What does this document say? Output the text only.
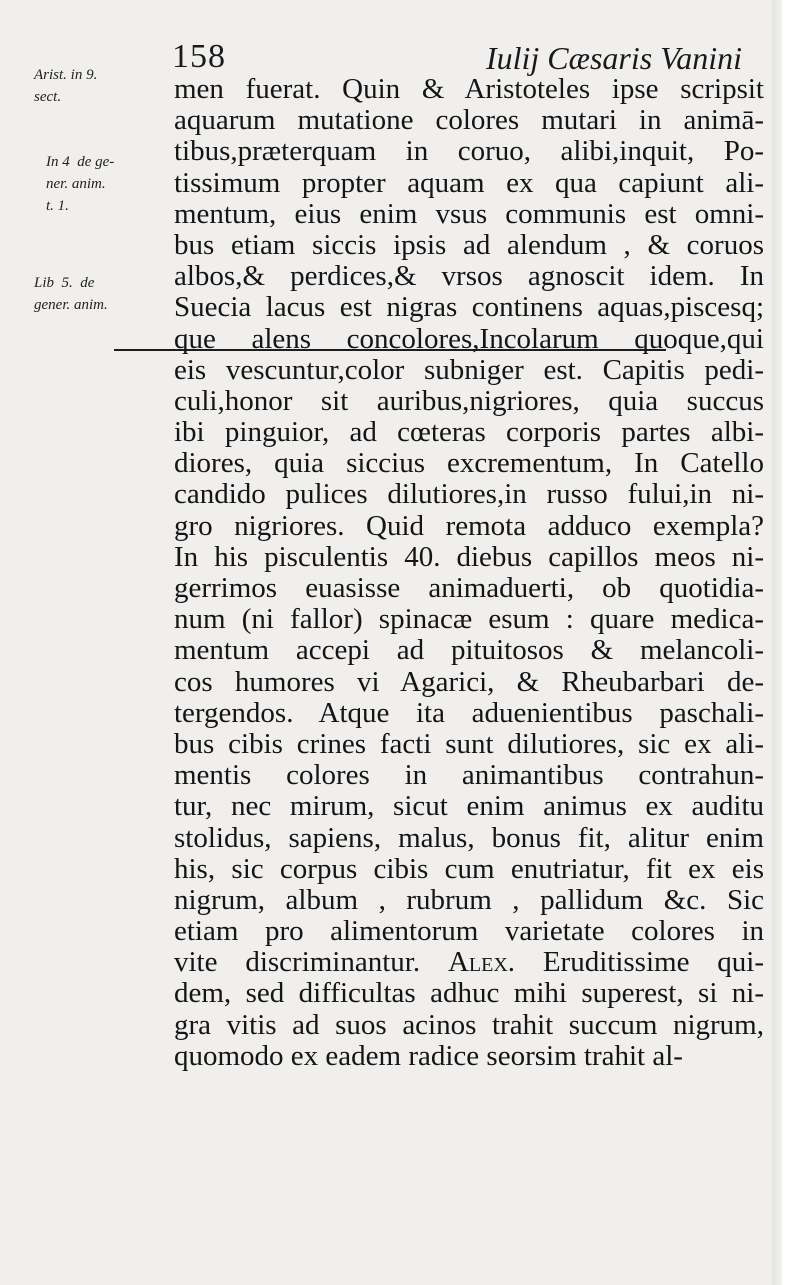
158	Iulij Cæsaris Vanini
Arist. in 9.
sect.
In 4  de ge-
ner. anim.
t. 1.
Lib  5.  de
gener. anim.
men fuerat. Quin & Aristoteles ipse scripsit
aquarum mutatione colores mutari in animā-
tibus,præterquam in coruo, alibi,inquit, Po-
tissimum propter aquam ex qua capiunt ali-
mentum, eius enim vsus communis est omni-
bus etiam siccis ipsis ad alendum , & coruos
albos,& perdices,& vrsos agnoscit idem. In
Suecia lacus est nigras continens aquas,piscesq;
que alens concolores,Incolarum quoque,qui
eis vescuntur,color subniger est. Capitis pedi-
culi,honor sit auribus,nigriores, quia succus
ibi pinguior, ad cœteras corporis partes albi-
diores, quia siccius excrementum, In Catello
candido pulices dilutiores,in russo fului,in ni-
gro nigriores. Quid remota adduco exempla?
In his pisculentis 40. diebus capillos meos ni-
gerrimos euasisse animaduerti, ob quotidia-
num (ni fallor) spinacæ esum : quare medica-
mentum accepi ad pituitosos & melancoli-
cos humores vi Agarici, & Rheubarbari de-
tergendos. Atque ita aduenientibus paschali-
bus cibis crines facti sunt dilutiores, sic ex ali-
mentis colores in animantibus contrahun-
tur, nec mirum, sicut enim animus ex auditu
stolidus, sapiens, malus, bonus fit, alitur enim
his, sic corpus cibis cum enutriatur, fit ex eis
nigrum, album , rubrum , pallidum &c. Sic
etiam pro alimentorum varietate colores in
vite discriminantur. Alex. Eruditissime qui-
dem, sed difficultas adhuc mihi superest, si ni-
gra vitis ad suos acinos trahit succum nigrum,
quomodo ex eadem radice seorsim trahit al-
